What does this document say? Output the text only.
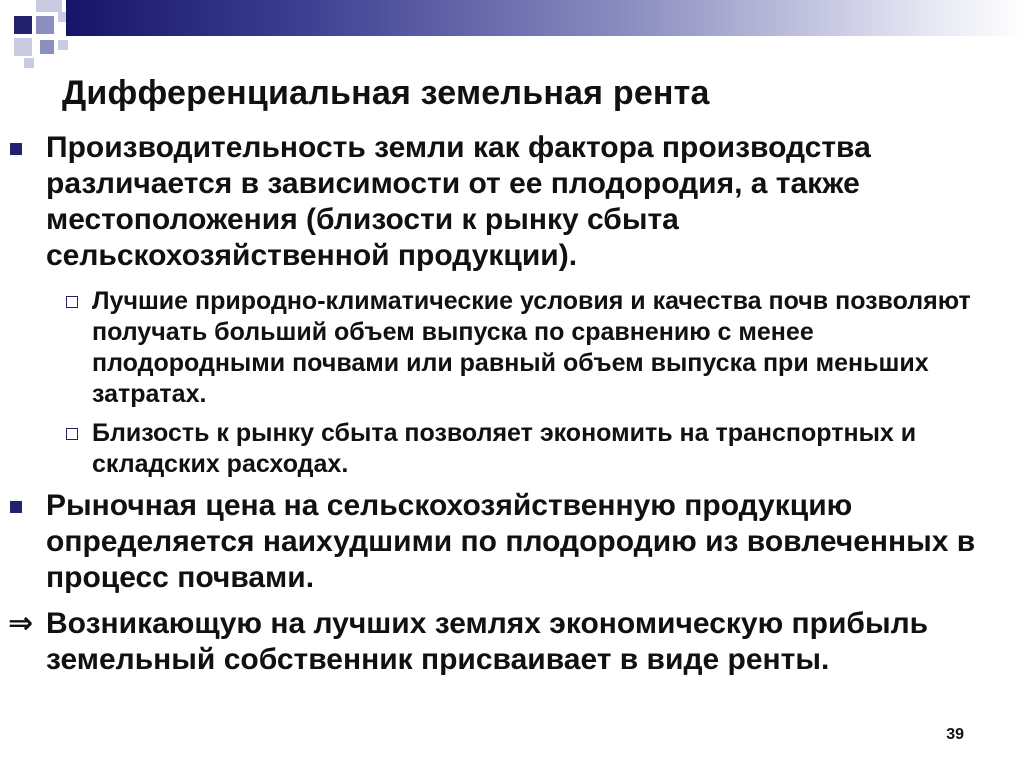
Дифференциальная земельная рента
Производительность земли как фактора производства различается в зависимости от ее плодородия, а также местоположения (близости к рынку сбыта сельскохозяйственной продукции).
Лучшие природно-климатические условия и качества почв позволяют получать больший объем выпуска по сравнению с менее плодородными почвами или равный объем выпуска при меньших затратах.
Близость к рынку сбыта позволяет экономить на транспортных и складских расходах.
Рыночная цена на сельскохозяйственную продукцию определяется наихудшими по плодородию из вовлеченных в процесс почвами.
⇒ Возникающую на лучших землях экономическую прибыль земельный собственник присваивает в виде ренты.
39
